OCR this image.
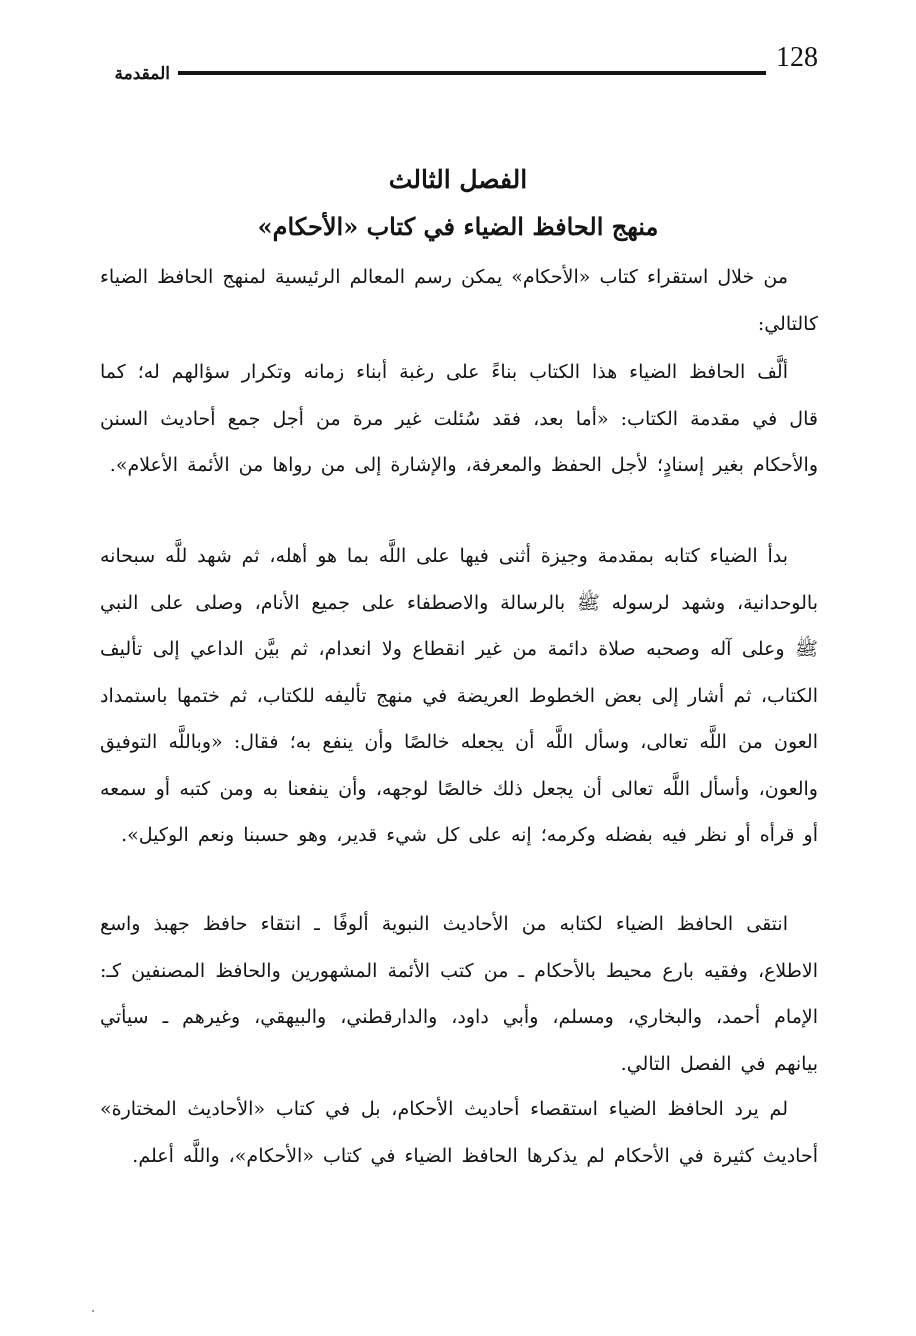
128
المقدمة
الفصل الثالث
منهج الحافظ الضياء في كتاب «الأحكام»

من خلال استقراء كتاب «الأحكام» يمكن رسم المعالم الرئيسية لمنهج الحافظ الضياء كالتالي:

ألَّف الحافظ الضياء هذا الكتاب بناءً على رغبة أبناء زمانه وتكرار سؤالهم له؛ كما قال في مقدمة الكتاب: «أما بعد، فقد سُئلت غير مرة من أجل جمع أحاديث السنن والأحكام بغير إسنادٍ؛ لأجل الحفظ والمعرفة، والإشارة إلى من رواها من الأئمة الأعلام».

بدأ الضياء كتابه بمقدمة وجيزة أثنى فيها على اللَّه بما هو أهله، ثم شهد للَّه سبحانه بالوحدانية، وشهد لرسوله ﷺ بالرسالة والاصطفاء على جميع الأنام، وصلى على النبي ﷺ وعلى آله وصحبه صلاة دائمة من غير انقطاع ولا انعدام، ثم بيَّن الداعي إلى تأليف الكتاب، ثم أشار إلى بعض الخطوط العريضة في منهج تأليفه للكتاب، ثم ختمها باستمداد العون من اللَّه تعالى، وسأل اللَّه أن يجعله خالصًا وأن ينفع به؛ فقال: «وباللَّه التوفيق والعون، وأسأل اللَّه تعالى أن يجعل ذلك خالصًا لوجهه، وأن ينفعنا به ومن كتبه أو سمعه أو قرأه أو نظر فيه بفضله وكرمه؛ إنه على كل شيء قدير، وهو حسبنا ونعم الوكيل».

انتقى الحافظ الضياء لكتابه من الأحاديث النبوية ألوفًا ـ انتقاء حافظ جهبذ واسع الاطلاع، وفقيه بارع محيط بالأحكام ـ من كتب الأئمة المشهورين والحافظ المصنفين كـ: الإمام أحمد، والبخاري، ومسلم، وأبي داود، والدارقطني، والبيهقي، وغيرهم ـ سيأتي بيانهم في الفصل التالي.

لم يرد الحافظ الضياء استقصاء أحاديث الأحكام، بل في كتاب «الأحاديث المختارة» أحاديث كثيرة في الأحكام لم يذكرها الحافظ الضياء في كتاب «الأحكام»، واللَّه أعلم.
